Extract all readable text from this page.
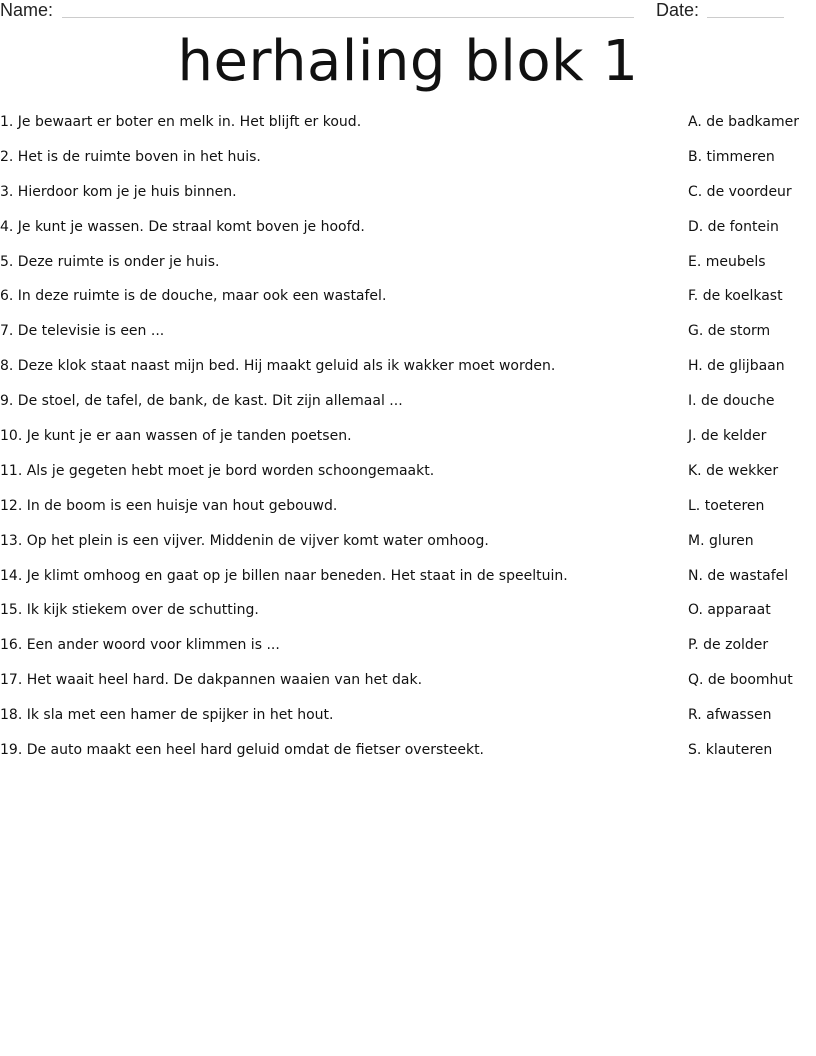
Name:	Date:
herhaling blok 1
1. Je bewaart er boter en melk in. Het blijft er koud.	A. de badkamer
2. Het is de ruimte boven in het huis.	B. timmeren
3. Hierdoor kom je je huis binnen.	C. de voordeur
4. Je kunt je wassen. De straal komt boven je hoofd.	D. de fontein
5. Deze ruimte is onder je huis.	E. meubels
6. In deze ruimte is de douche, maar ook een wastafel.	F. de koelkast
7. De televisie is een ...	G. de storm
8. Deze klok staat naast mijn bed. Hij maakt geluid als ik wakker moet worden.	H. de glijbaan
9. De stoel, de tafel, de bank, de kast. Dit zijn allemaal ...	I. de douche
10. Je kunt je er aan wassen of je tanden poetsen.	J. de kelder
11. Als je gegeten hebt moet je bord worden schoongemaakt.	K. de wekker
12. In de boom is een huisje van hout gebouwd.	L. toeteren
13. Op het plein is een vijver. Middenin de vijver komt water omhoog.	M. gluren
14. Je klimt omhoog en gaat op je billen naar beneden. Het staat in de speeltuin.	N. de wastafel
15. Ik kijk stiekem over de schutting.	O. apparaat
16. Een ander woord voor klimmen is ...	P. de zolder
17. Het waait heel hard. De dakpannen waaien van het dak.	Q. de boomhut
18. Ik sla met een hamer de spijker in het hout.	R. afwassen
19. De auto maakt een heel hard geluid omdat de fietser oversteekt.	S. klauteren
